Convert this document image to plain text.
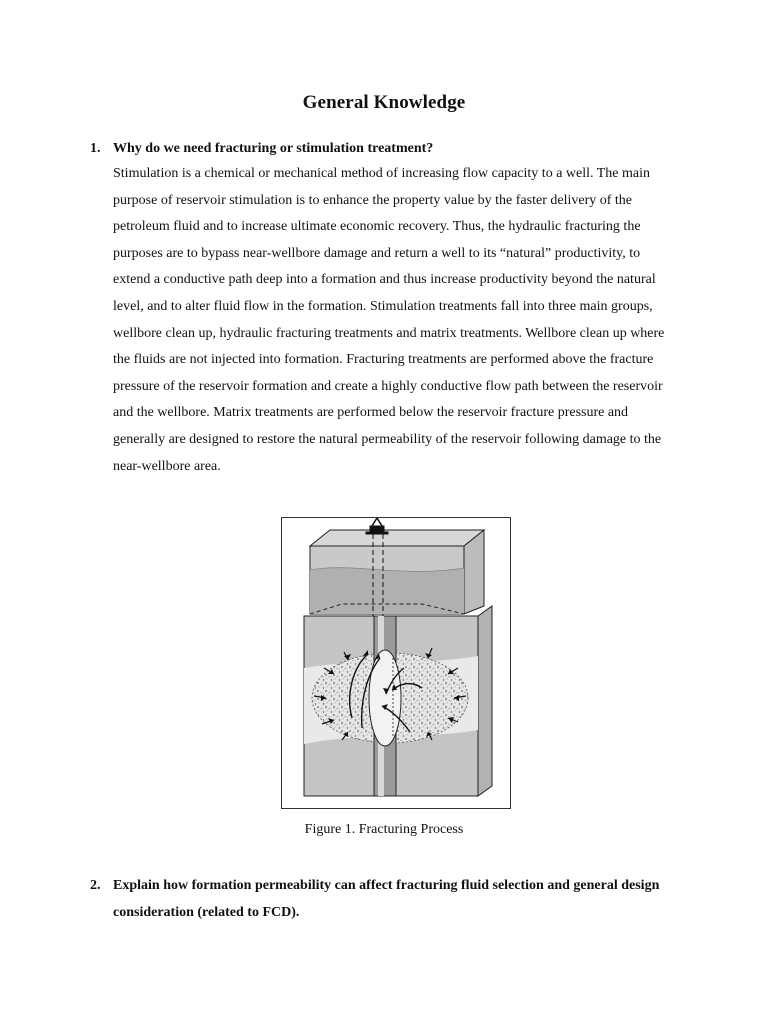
General Knowledge
1. Why do we need fracturing or stimulation treatment?

Stimulation is a chemical or mechanical method of increasing flow capacity to a well. The main purpose of reservoir stimulation is to enhance the property value by the faster delivery of the petroleum fluid and to increase ultimate economic recovery. Thus, the hydraulic fracturing the purposes are to bypass near-wellbore damage and return a well to its “natural” productivity, to extend a conductive path deep into a formation and thus increase productivity beyond the natural level, and to alter fluid flow in the formation. Stimulation treatments fall into three main groups, wellbore clean up, hydraulic fracturing treatments and matrix treatments. Wellbore clean up where the fluids are not injected into formation. Fracturing treatments are performed above the fracture pressure of the reservoir formation and create a highly conductive flow path between the reservoir and the wellbore. Matrix treatments are performed below the reservoir fracture pressure and generally are designed to restore the natural permeability of the reservoir following damage to the near-wellbore area.

Figure 1. Fracturing Process
2. Explain how formation permeability can affect fracturing fluid selection and general design consideration (related to FCD).
